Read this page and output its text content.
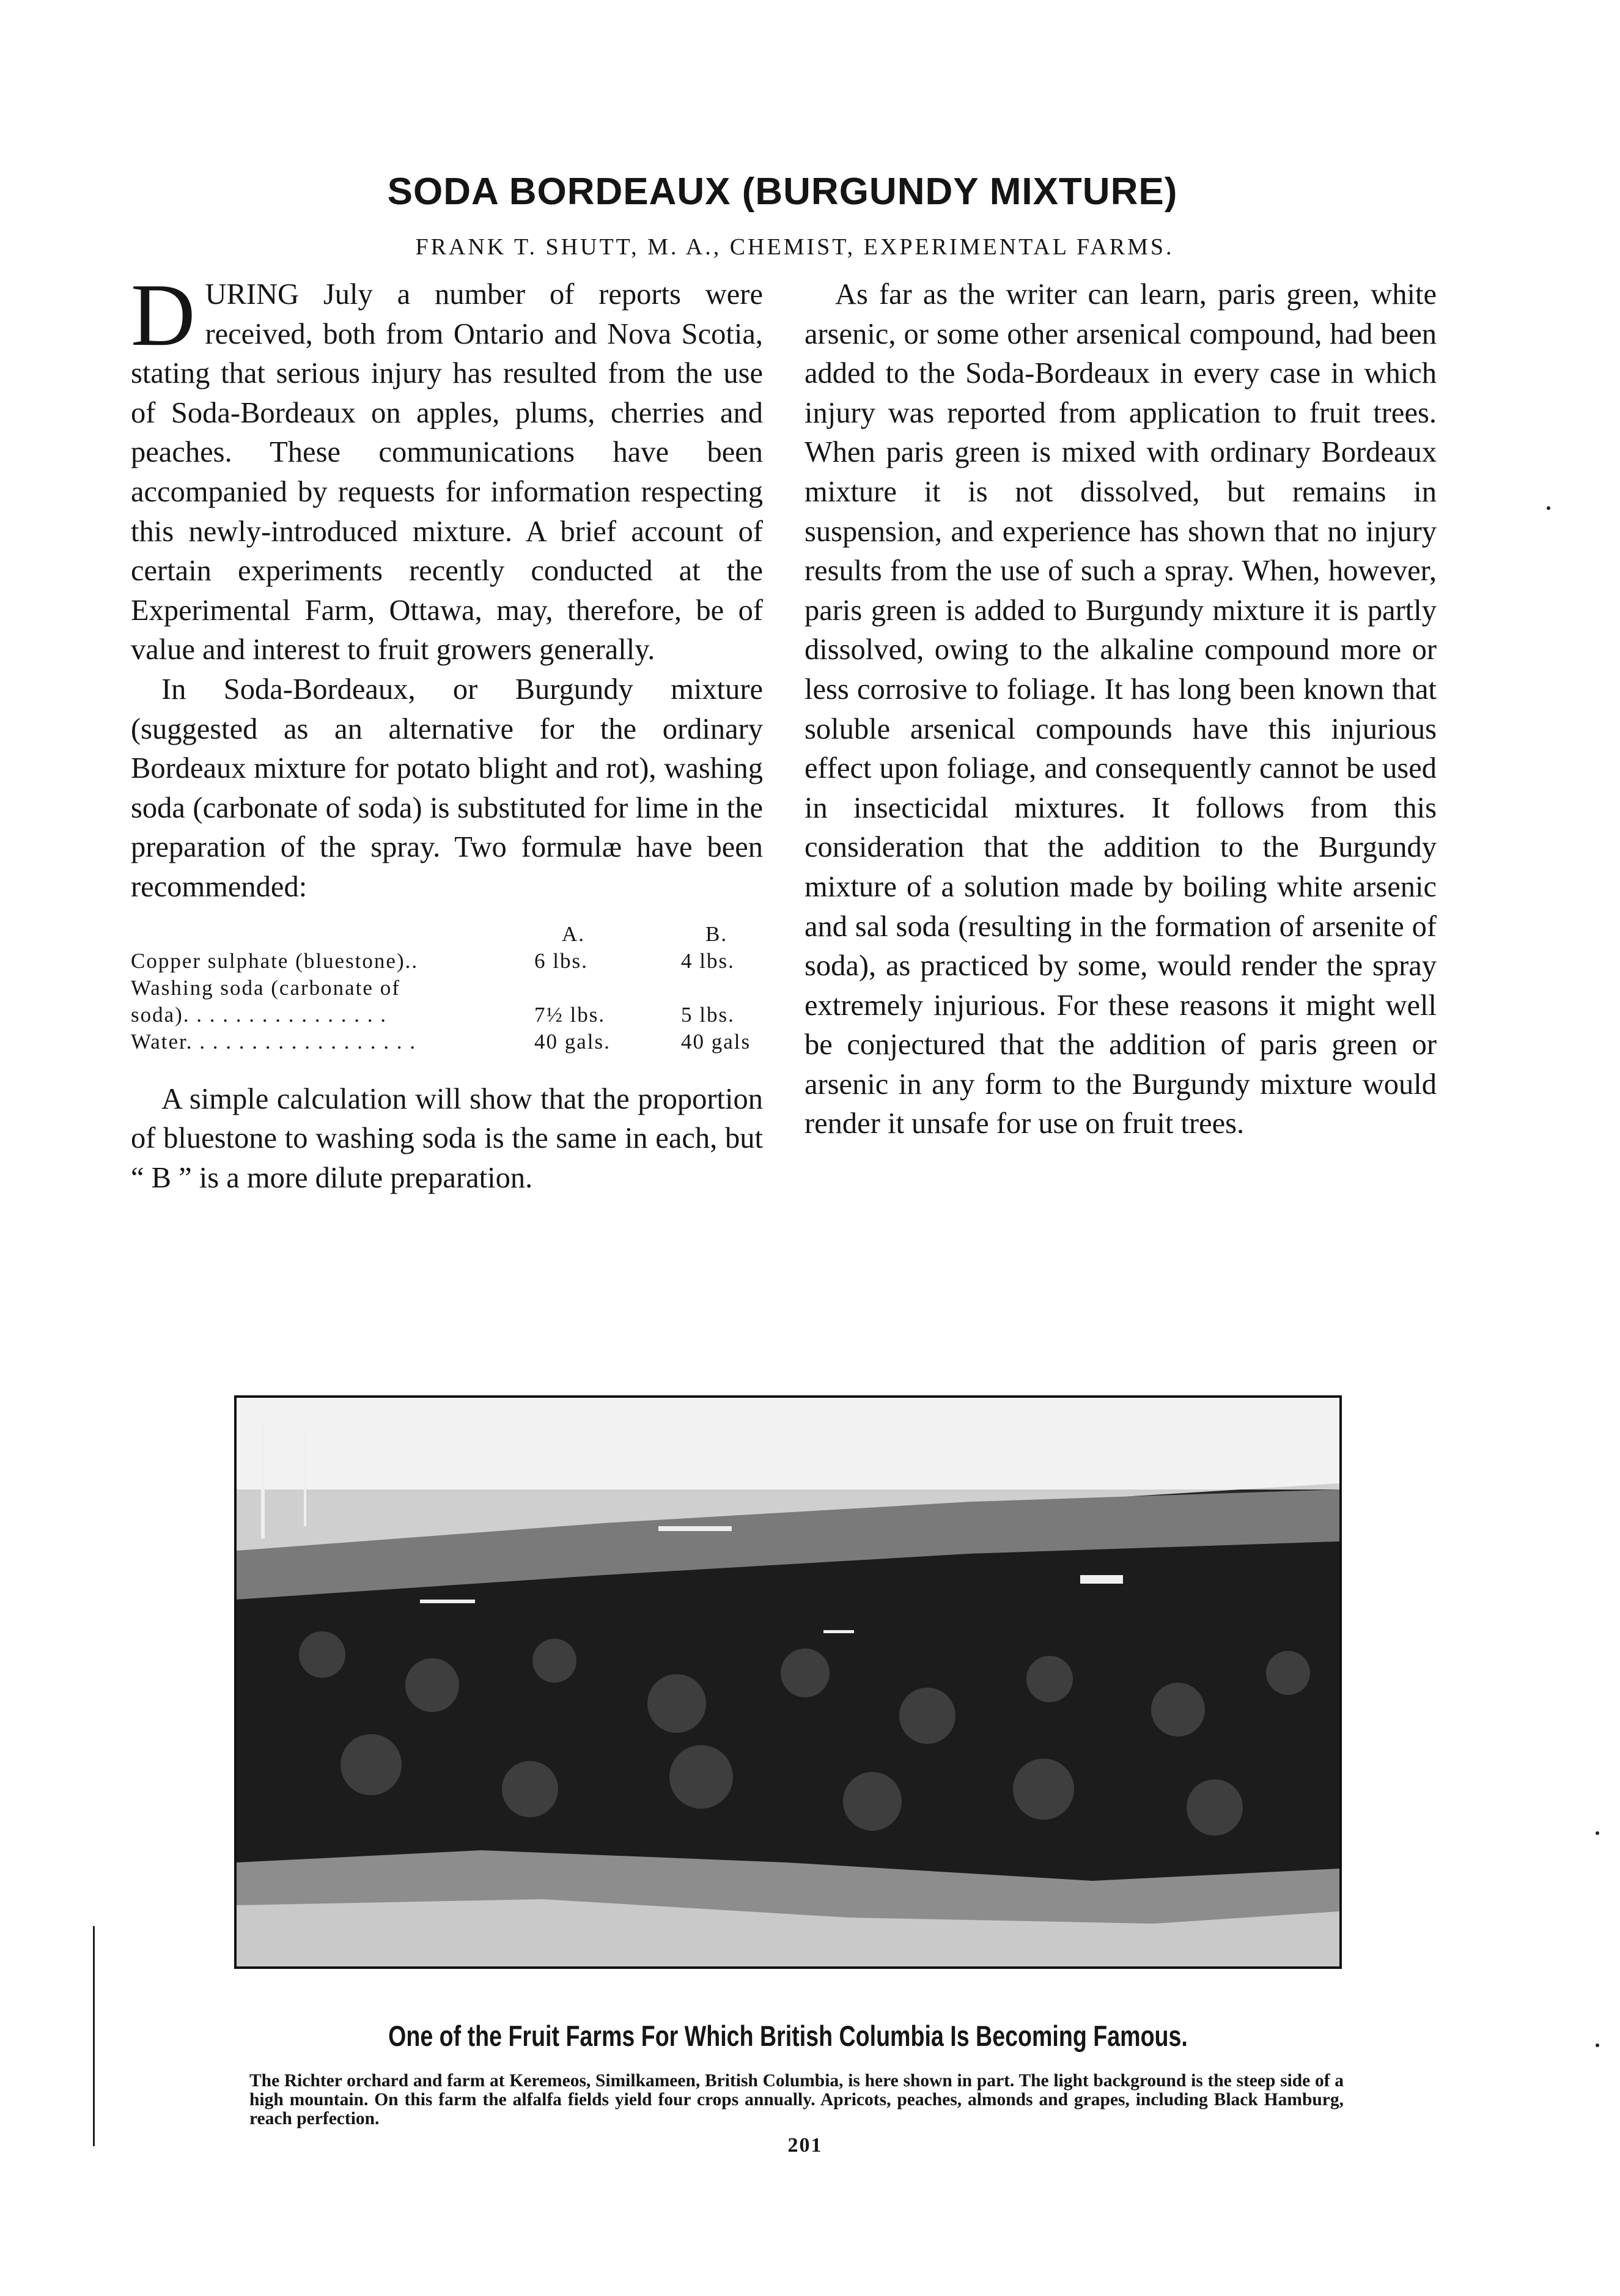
SODA BORDEAUX (BURGUNDY MIXTURE)
FRANK T. SHUTT, M. A., CHEMIST, EXPERIMENTAL FARMS.

DURING July a number of reports were received, both from Ontario and Nova Scotia, stating that serious injury has resulted from the use of Soda-Bordeaux on apples, plums, cherries and peaches. These communications have been accompanied by requests for information respecting this newly-introduced mixture. A brief account of certain experiments recently conducted at the Experimental Farm, Ottawa, may, therefore, be of value and interest to fruit growers generally.

In Soda-Bordeaux, or Burgundy mixture (suggested as an alternative for the ordinary Bordeaux mixture for potato blight and rot), washing soda (carbonate of soda) is substituted for lime in the preparation of the spray. Two formulæ have been recommended:

A.	B.
Copper sulphate (bluestone)..	6 lbs.	4 lbs.
Washing soda (carbonate of
soda). . . . . . . . . . . . . . . .	7½ lbs.	5 lbs.
Water. . . . . . . . . . . . . . . . . .	40 gals.	40 gals

A simple calculation will show that the proportion of bluestone to washing soda is the same in each, but “ B ” is a more dilute preparation.

As far as the writer can learn, paris green, white arsenic, or some other arsenical compound, had been added to the Soda-Bordeaux in every case in which injury was reported from application to fruit trees. When paris green is mixed with ordinary Bordeaux mixture it is not dissolved, but remains in suspension, and experience has shown that no injury results from the use of such a spray. When, however, paris green is added to Burgundy mixture it is partly dissolved, owing to the alkaline compound more or less corrosive to foliage. It has long been known that soluble arsenical compounds have this injurious effect upon foliage, and consequently cannot be used in insecticidal mixtures. It follows from this consideration that the addition to the Burgundy mixture of a solution made by boiling white arsenic and sal soda (resulting in the formation of arsenite of soda), as practiced by some, would render the spray extremely injurious. For these reasons it might well be conjectured that the addition of paris green or arsenic in any form to the Burgundy mixture would render it unsafe for use on fruit trees.

One of the Fruit Farms For Which British Columbia Is Becoming Famous.
The Richter orchard and farm at Keremeos, Similkameen, British Columbia, is here shown in part. The light background is the steep side of a high mountain. On this farm the alfalfa fields yield four crops annually. Apricots, peaches, almonds and grapes, including Black Hamburg, reach perfection.
201
